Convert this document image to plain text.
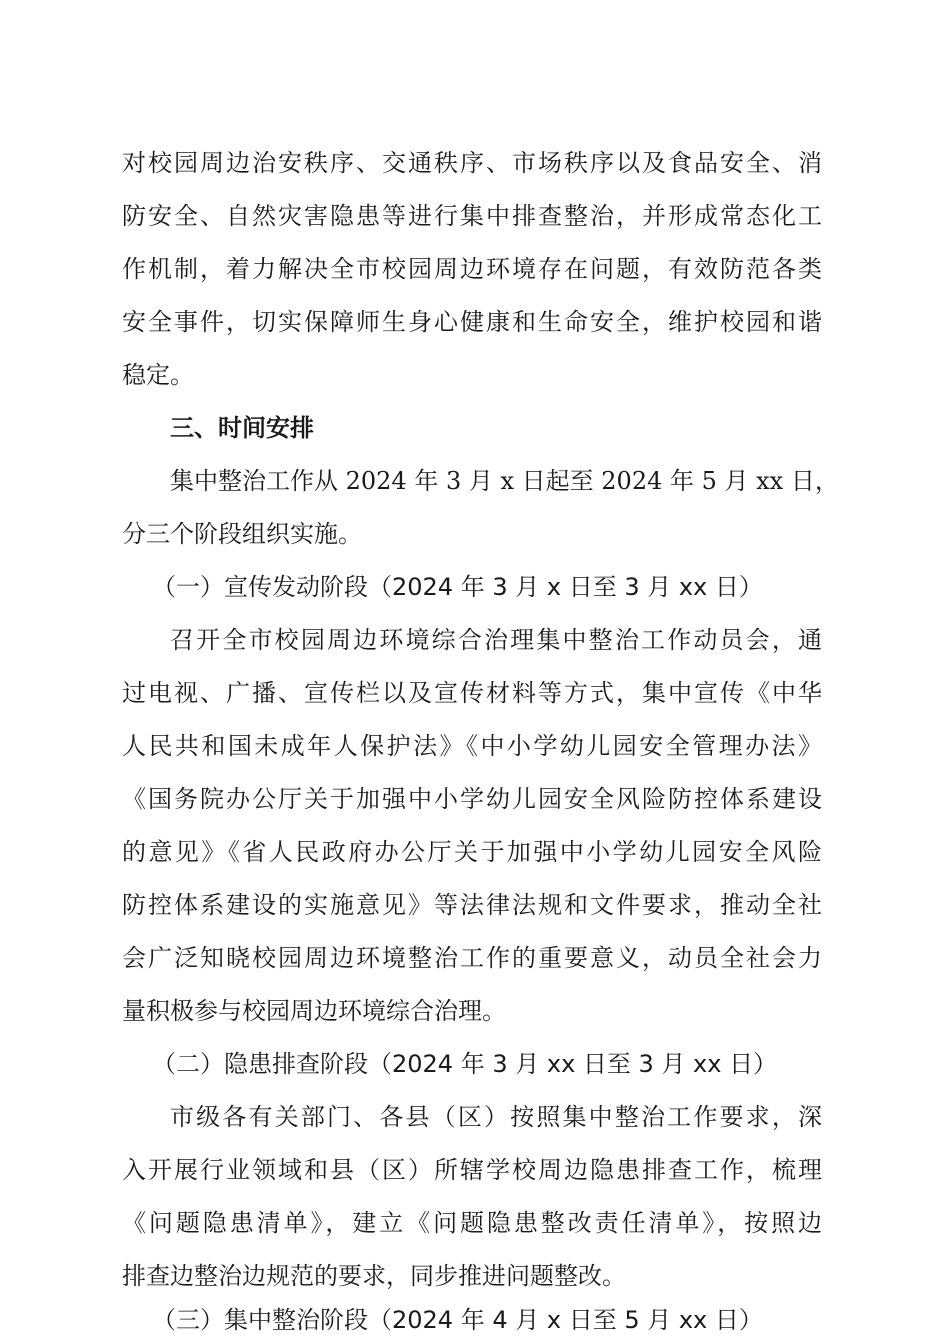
对校园周边治安秩序、交通秩序、市场秩序以及食品安全、消
防安全、自然灾害隐患等进行集中排查整治，并形成常态化工
作机制，着力解决全市校园周边环境存在问题，有效防范各类
安全事件，切实保障师生身心健康和生命安全，维护校园和谐
稳定。
三、时间安排
集中整治工作从 2024 年 3 月 x 日起至 2024 年 5 月 xx 日，
分三个阶段组织实施。
（一）宣传发动阶段（2024 年 3 月 x 日至 3 月 xx 日）
召开全市校园周边环境综合治理集中整治工作动员会，通
过电视、广播、宣传栏以及宣传材料等方式，集中宣传《中华
人民共和国未成年人保护法》《中小学幼儿园安全管理办法》
《国务院办公厅关于加强中小学幼儿园安全风险防控体系建设
的意见》《省人民政府办公厅关于加强中小学幼儿园安全风险
防控体系建设的实施意见》等法律法规和文件要求，推动全社
会广泛知晓校园周边环境整治工作的重要意义，动员全社会力
量积极参与校园周边环境综合治理。
（二）隐患排查阶段（2024 年 3 月 xx 日至 3 月 xx 日）
市级各有关部门、各县（区）按照集中整治工作要求，深
入开展行业领域和县（区）所辖学校周边隐患排查工作，梳理
《问题隐患清单》，建立《问题隐患整改责任清单》，按照边
排查边整治边规范的要求，同步推进问题整改。
（三）集中整治阶段（2024 年 4 月 x 日至 5 月 xx 日）
